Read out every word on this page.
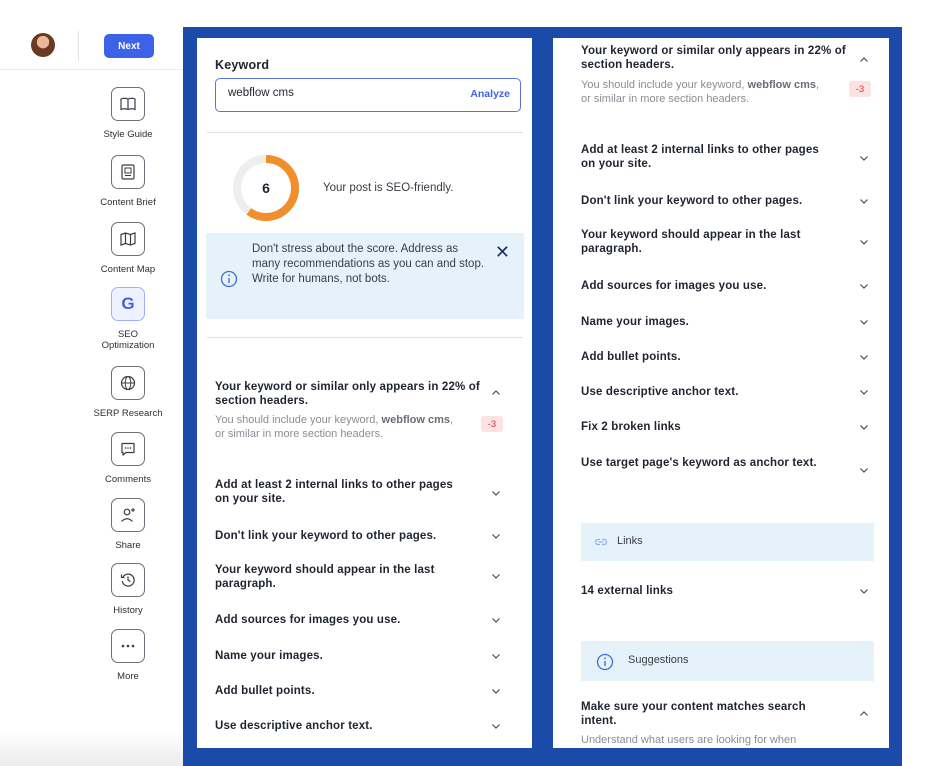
Next
Style Guide
Content Brief
Content Map
G
SEO
Optimization
SERP Research
Comments
Share
History
More
Keyword
webflow cms
Analyze
6	Your post is SEO-friendly.
Don't stress about the score. Address as many recommendations as you can and stop. Write for humans, not bots.
✕
Your keyword or similar only appears in 22% of section headers.
You should include your keyword, webflow cms, or similar in more section headers.
-3
Add at least 2 internal links to other pages on your site.
Don't link your keyword to other pages.
Your keyword should appear in the last paragraph.
Add sources for images you use.
Name your images.
Add bullet points.
Use descriptive anchor text.
Your keyword or similar only appears in 22% of section headers.
You should include your keyword, webflow cms, or similar in more section headers.
-3
Add at least 2 internal links to other pages on your site.
Don't link your keyword to other pages.
Your keyword should appear in the last paragraph.
Add sources for images you use.
Name your images.
Add bullet points.
Use descriptive anchor text.
Fix 2 broken links
Use target page's keyword as anchor text.
Links
14 external links
Suggestions
Make sure your content matches search intent.
Understand what users are looking for when
